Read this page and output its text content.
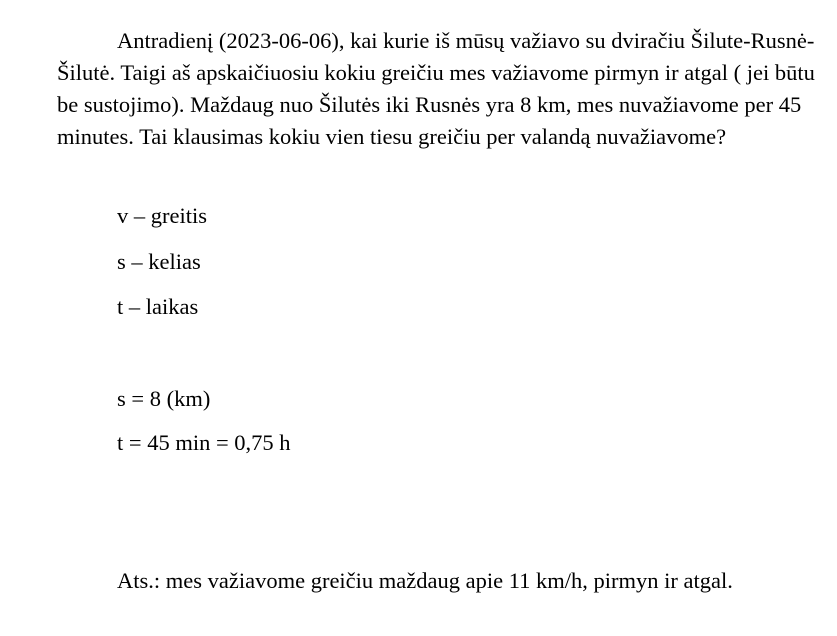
Antradienį (2023-06-06), kai kurie iš mūsų važiavo su dviračiu Šilute-Rusnė-Šilutė. Taigi aš apskaičiuosiu kokiu greičiu mes važiavome pirmyn ir atgal ( jei būtu be sustojimo). Maždaug nuo Šilutės iki Rusnės yra 8 km, mes nuvažiavome per 45 minutes. Tai klausimas kokiu vien tiesu greičiu per valandą nuvažiavome?

v – greitis

s – kelias

t – laikas

s = 8 (km)

t = 45 min = 0,75 h

Ats.: mes važiavome greičiu maždaug apie 11 km/h, pirmyn ir atgal.
